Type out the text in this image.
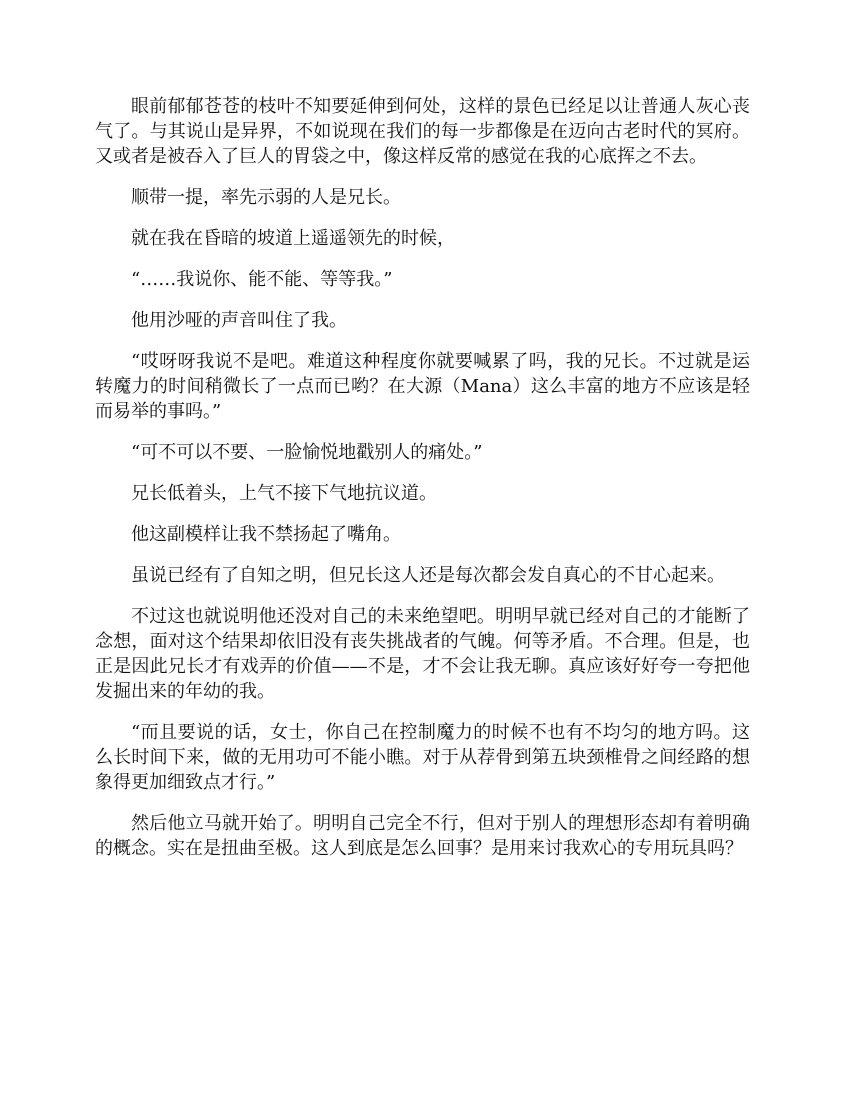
眼前郁郁苍苍的枝叶不知要延伸到何处，这样的景色已经足以让普通人灰心丧气了。与其说山是异界，不如说现在我们的每一步都像是在迈向古老时代的冥府。又或者是被吞入了巨人的胃袋之中，像这样反常的感觉在我的心底挥之不去。

顺带一提，率先示弱的人是兄长。

就在我在昏暗的坡道上遥遥领先的时候，

“……我说你、能不能、等等我。”

他用沙哑的声音叫住了我。

“哎呀呀我说不是吧。难道这种程度你就要喊累了吗，我的兄长。不过就是运转魔力的时间稍微长了一点而已哟？在大源（Mana）这么丰富的地方不应该是轻而易举的事吗。”

“可不可以不要、一脸愉悦地戳别人的痛处。”

兄长低着头，上气不接下气地抗议道。

他这副模样让我不禁扬起了嘴角。

虽说已经有了自知之明，但兄长这人还是每次都会发自真心的不甘心起来。

不过这也就说明他还没对自己的未来绝望吧。明明早就已经对自己的才能断了念想，面对这个结果却依旧没有丧失挑战者的气魄。何等矛盾。不合理。但是，也正是因此兄长才有戏弄的价值——不是，才不会让我无聊。真应该好好夸一夸把他发掘出来的年幼的我。

“而且要说的话，女士，你自己在控制魔力的时候不也有不均匀的地方吗。这么长时间下来，做的无用功可不能小瞧。对于从荐骨到第五块颈椎骨之间经路的想象得更加细致点才行。”

然后他立马就开始了。明明自己完全不行，但对于别人的理想形态却有着明确的概念。实在是扭曲至极。这人到底是怎么回事？是用来讨我欢心的专用玩具吗？
